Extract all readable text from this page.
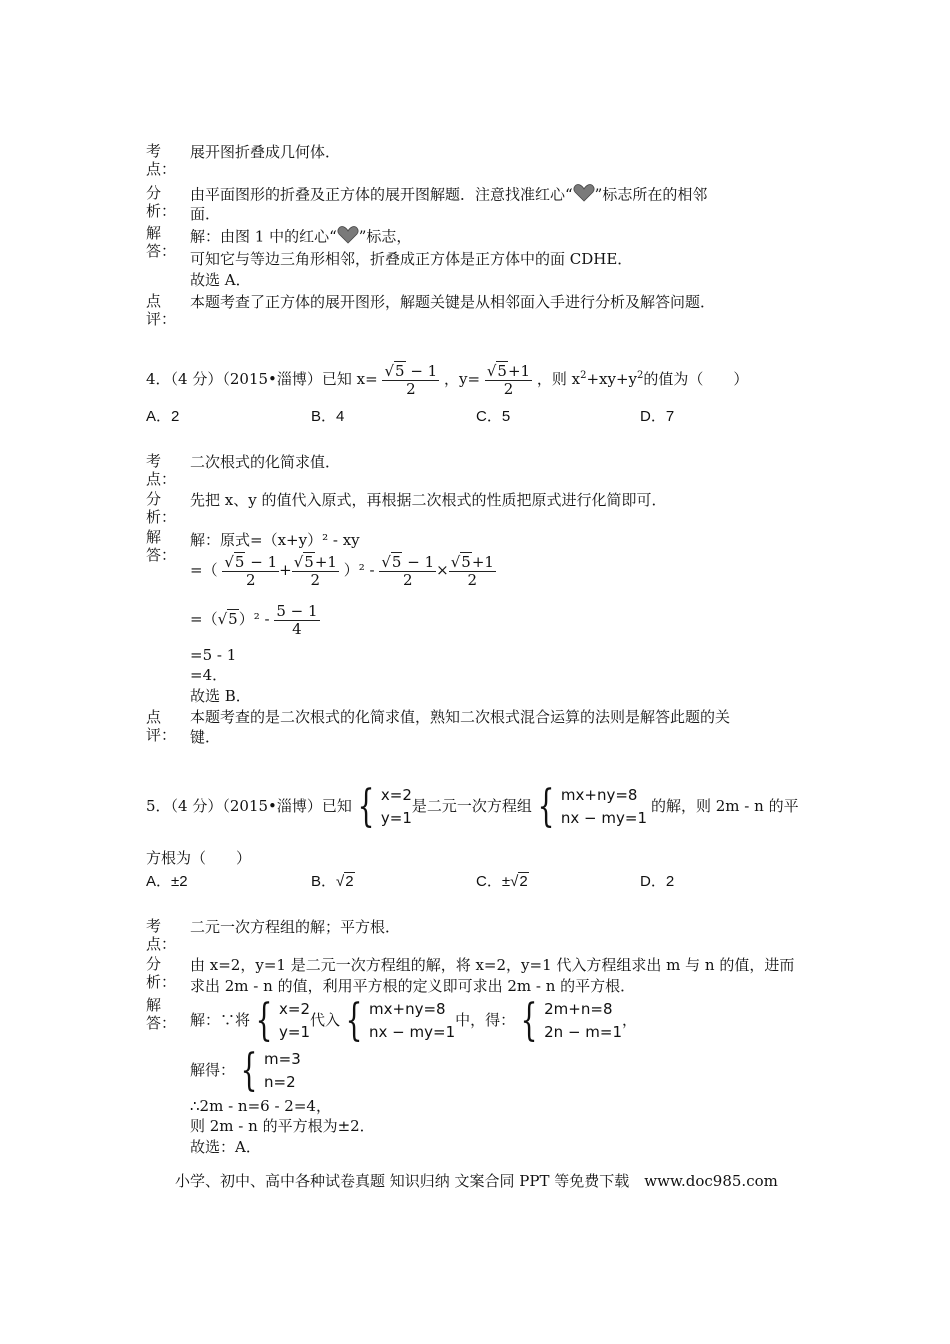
考点：
展开图折叠成几何体．
分析：
由平面图形的折叠及正方体的展开图解题．注意找准红心“ ”标志所在的相邻
面．
解答：
解：由图 1 中的红心“ ”标志，
可知它与等边三角形相邻，折叠成正方体是正方体中的面 CDHE．
故选 A．
点评：
本题考查了正方体的展开图形，解题关键是从相邻面入手进行分析及解答问题．
4．（4 分）（2015•淄博）已知 $x= \frac{√5 - 1}{2}$ ，$y= \frac{√5+1}{2}$ ，则 $x^2+xy+y^2$的值为（　　）
A．2	B．4	C．5	D．7
考点：
二次根式的化简求值．
分析：
先把 x、y 的值代入原式，再根据二次根式的性质把原式进行化简即可．
解答：
解：原式=（x+y）² - xy
=（ $\frac{√5 - 1}{2} + \frac{√5+1}{2} )^2 - \frac{√5 - 1}{2} \times \frac{√5+1}{2}$
$=(√5)^2 - \frac{5 - 1}{4}$
=5 - 1
=4．
故选 B．
点评：
本题考查的是二次根式的化简求值，熟知二次根式混合运算的法则是解答此题的关
键．
5．（4 分）（2015•淄博）已知 { x=2
y=1
是二元一次方程组 { mx+ny=8
nx − my=1
的解，则 2m - n 的平
方根为（　　）
A．±2	B．√2	C．±√2	D．2
考点：
二元一次方程组的解；平方根．
分析：
由 x=2，y=1 是二元一次方程组的解，将 x=2，y=1 代入方程组求出 m 与 n 的值，进而
求出 2m - n 的值，利用平方根的定义即可求出 2m - n 的平方根．
解答： 解：∵将 { x=2
y=1
代入 { mx+ny=8
nx − my=1
中，得： { 2m+n=8
2n − m=1
，
解得： { m=3
n=2
∴2m - n=6 - 2=4，
则 2m - n 的平方根为±2．
故选：A．
小学、初中、高中各种试卷真题 知识归纳 文案合同 PPT 等免费下载　www.doc985.com
